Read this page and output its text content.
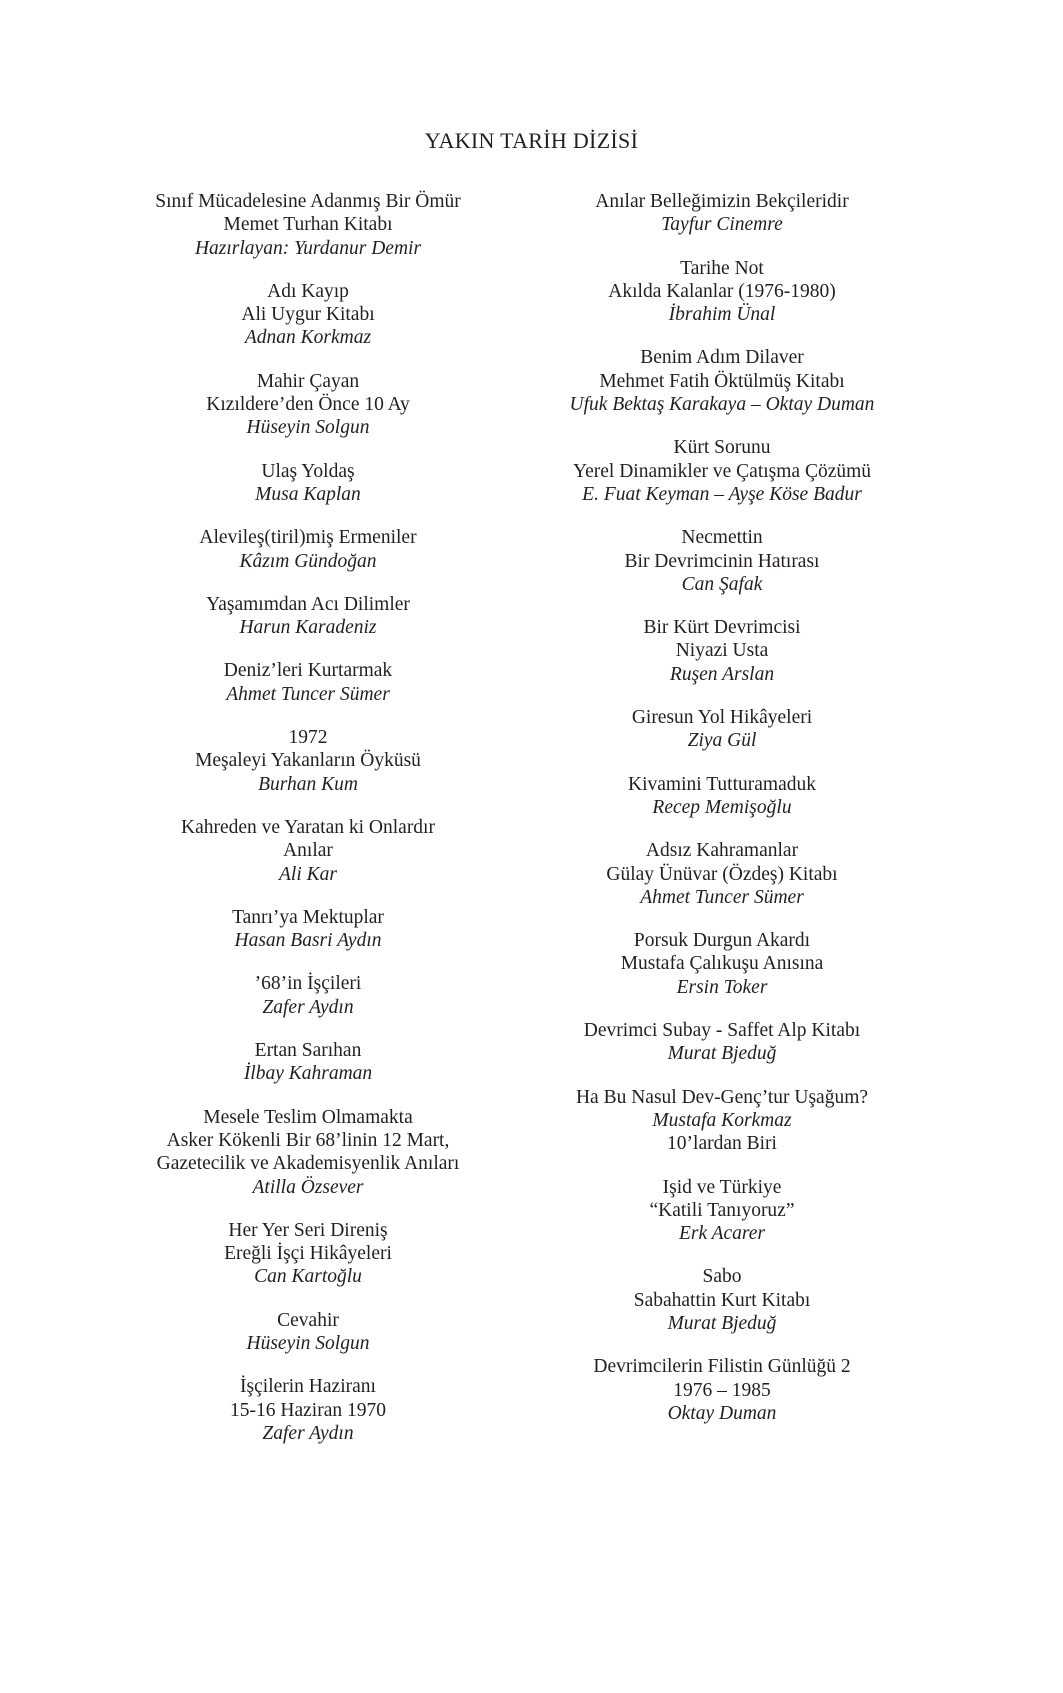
YAKIN TARİH DİZİSİ
Sınıf Mücadelesine Adanmış Bir Ömür
Memet Turhan Kitabı
Hazırlayan: Yurdanur Demir
Adı Kayıp
Ali Uygur Kitabı
Adnan Korkmaz
Mahir Çayan
Kızıldere’den Önce 10 Ay
Hüseyin Solgun
Ulaş Yoldaş
Musa Kaplan
Alevileş(tiril)miş Ermeniler
Kâzım Gündoğan
Yaşamımdan Acı Dilimler
Harun Karadeniz
Deniz’leri Kurtarmak
Ahmet Tuncer Sümer
1972
Meşaleyi Yakanların Öyküsü
Burhan Kum
Kahreden ve Yaratan ki Onlardır
Anılar
Ali Kar
Tanrı’ya Mektuplar
Hasan Basri Aydın
’68’in İşçileri
Zafer Aydın
Ertan Sarıhan
İlbay Kahraman
Mesele Teslim Olmamakta
Asker Kökenli Bir 68’linin 12 Mart,
Gazetecilik ve Akademisyenlik Anıları
Atilla Özsever
Her Yer Seri Direniş
Ereğli İşçi Hikâyeleri
Can Kartoğlu
Cevahir
Hüseyin Solgun
İşçilerin Haziranı
15-16 Haziran 1970
Zafer Aydın
Anılar Belleğimizin Bekçileridir
Tayfur Cinemre
Tarihe Not
Akılda Kalanlar (1976-1980)
İbrahim Ünal
Benim Adım Dilaver
Mehmet Fatih Öktülmüş Kitabı
Ufuk Bektaş Karakaya – Oktay Duman
Kürt Sorunu
Yerel Dinamikler ve Çatışma Çözümü
E. Fuat Keyman – Ayşe Köse Badur
Necmettin
Bir Devrimcinin Hatırası
Can Şafak
Bir Kürt Devrimcisi
Niyazi Usta
Ruşen Arslan
Giresun Yol Hikâyeleri
Ziya Gül
Kivamini Tutturamaduk
Recep Memişoğlu
Adsız Kahramanlar
Gülay Ünüvar (Özdeş) Kitabı
Ahmet Tuncer Sümer
Porsuk Durgun Akardı
Mustafa Çalıkuşu Anısına
Ersin Toker
Devrimci Subay - Saffet Alp Kitabı
Murat Bjeduğ
Ha Bu Nasul Dev-Genç’tur Uşağum?
Mustafa Korkmaz
10’lardan Biri
Işid ve Türkiye
“Katili Tanıyoruz”
Erk Acarer
Sabo
Sabahattin Kurt Kitabı
Murat Bjeduğ
Devrimcilerin Filistin Günlüğü 2
1976 – 1985
Oktay Duman
